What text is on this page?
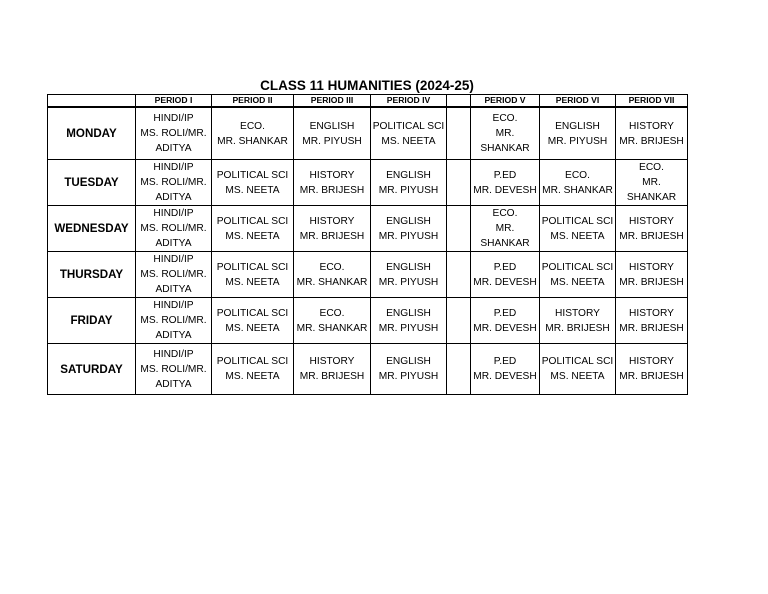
CLASS 11 HUMANITIES (2024-25)
	PERIOD I	PERIOD II	PERIOD III	PERIOD IV		PERIOD V	PERIOD VI	PERIOD VII
MONDAY	HINDI/IP
MS. ROLI/MR.
ADITYA	ECO.
MR. SHANKAR	ENGLISH
MR. PIYUSH	POLITICAL SCI
MS. NEETA		ECO.
MR.
SHANKAR	ENGLISH
MR. PIYUSH	HISTORY
MR. BRIJESH

TUESDAY	HINDI/IP
MS. ROLI/MR.
ADITYA	POLITICAL SCI
MS. NEETA	HISTORY
MR. BRIJESH	ENGLISH
MR. PIYUSH		P.ED
MR. DEVESH	ECO.
MR. SHANKAR	ECO.
MR.
SHANKAR

WEDNESDAY	HINDI/IP
MS. ROLI/MR.
ADITYA	POLITICAL SCI
MS. NEETA	HISTORY
MR. BRIJESH	ENGLISH
MR. PIYUSH		ECO.
MR.
SHANKAR	POLITICAL SCI
MS. NEETA	HISTORY
MR. BRIJESH

THURSDAY	HINDI/IP
MS. ROLI/MR.
ADITYA	POLITICAL SCI
MS. NEETA	ECO.
MR. SHANKAR	ENGLISH
MR. PIYUSH		P.ED
MR. DEVESH	POLITICAL SCI
MS. NEETA	HISTORY
MR. BRIJESH

FRIDAY	HINDI/IP
MS. ROLI/MR.
ADITYA	POLITICAL SCI
MS. NEETA	ECO.
MR. SHANKAR	ENGLISH
MR. PIYUSH		P.ED
MR. DEVESH	HISTORY
MR. BRIJESH	HISTORY
MR. BRIJESH

SATURDAY	HINDI/IP
MS. ROLI/MR.
ADITYA	POLITICAL SCI
MS. NEETA	HISTORY
MR. BRIJESH	ENGLISH
MR. PIYUSH		P.ED
MR. DEVESH	POLITICAL SCI
MS. NEETA	HISTORY
MR. BRIJESH
